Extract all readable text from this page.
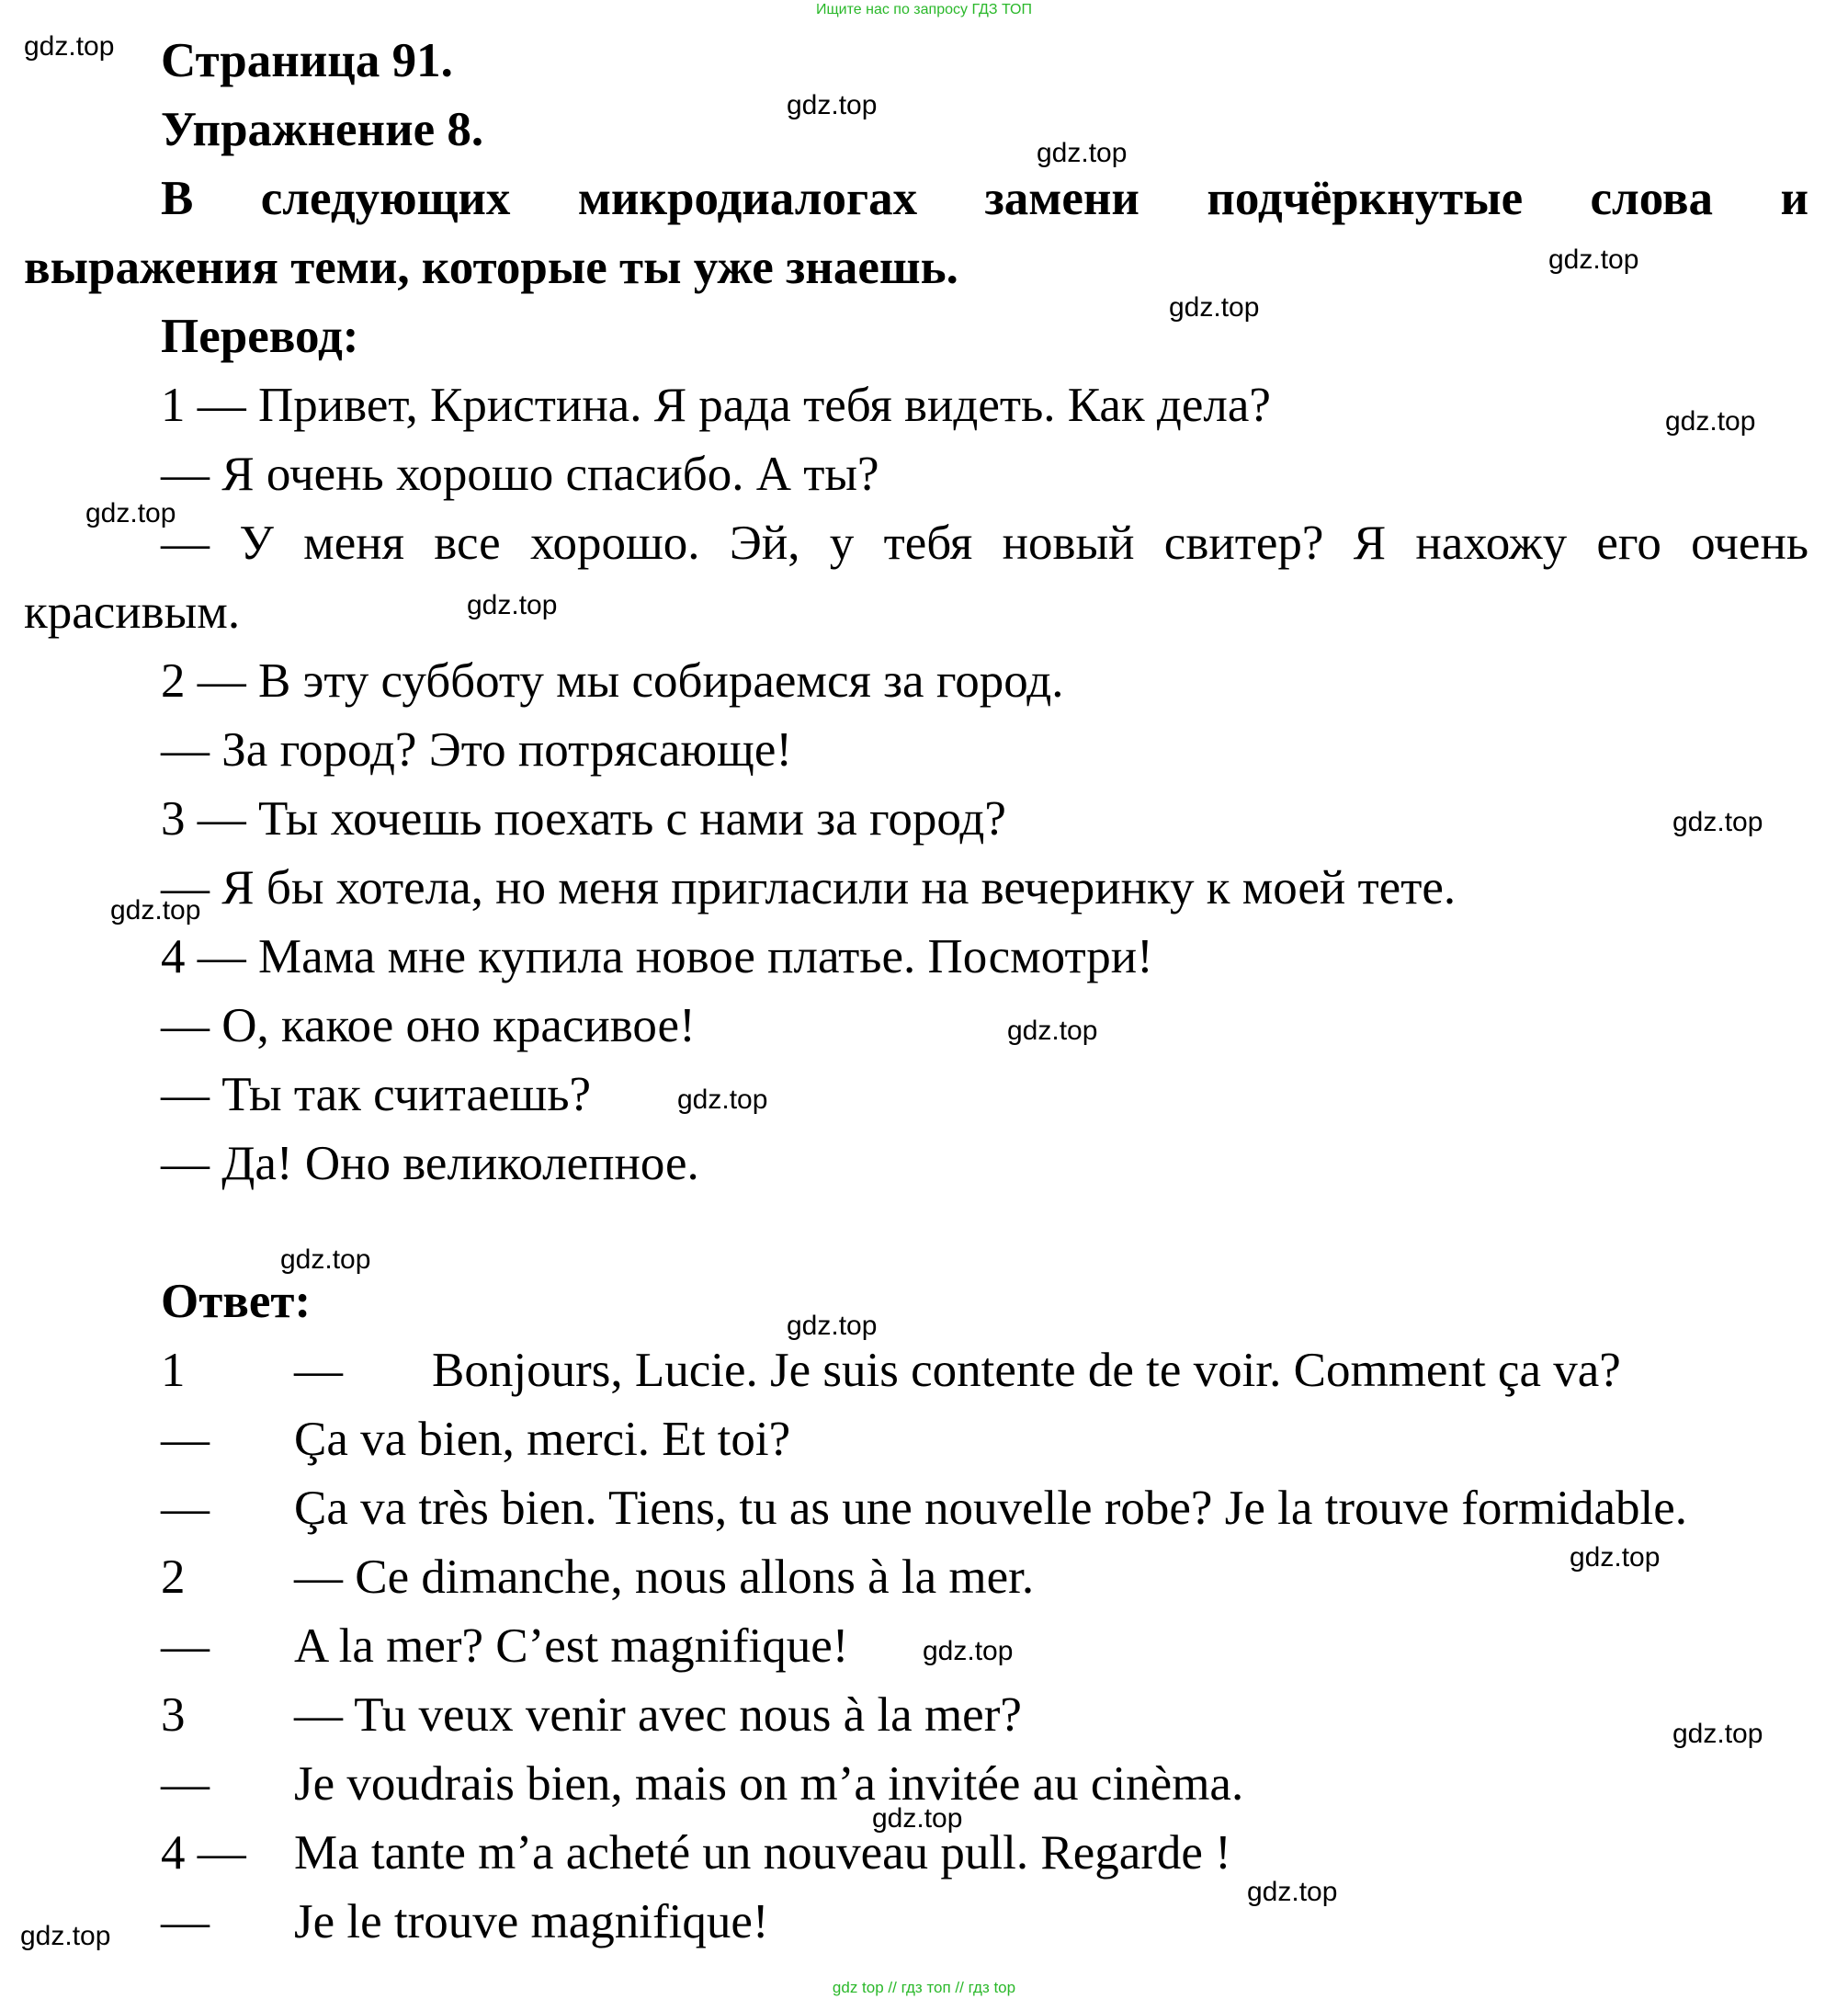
Ищите нас по запросу ГДЗ ТОП
Страница 91.
Упражнение 8.
В следующих микродиалогах замени подчёркнутые слова и
выражения теми, которые ты уже знаешь.
Перевод:
1 — Привет, Кристина. Я рада тебя видеть. Как дела?
— Я очень хорошо спасибо. А ты?
— У меня все хорошо. Эй, у тебя новый свитер? Я нахожу его очень
красивым.
2 — В эту субботу мы собираемся за город.
— За город? Это потрясающе!
3 — Ты хочешь поехать с нами за город?
— Я бы хотела, но меня пригласили на вечеринку к моей тете.
4 — Мама мне купила новое платье. Посмотри!
— О, какое оно красивое!
— Ты так считаешь?
— Да! Оно великолепное.
Ответ:
1 — Bonjours, Lucie. Je suis contente de te voir. Comment ça va?
— Ça va bien, merci. Et toi?
— Ça va très bien. Tiens, tu as une nouvelle robe? Je la trouve formidable.
2 — Ce dimanche, nous allons à la mer.
— A la mer? C’est magnifique!
3 — Tu veux venir avec nous à la mer?
— Je voudrais bien, mais on m’a invitée au cinèma.
4 — Ma tante m’a acheté un nouveau pull. Regarde !
— Je le trouve magnifique!
gdz.top
gdz.top
gdz.top
gdz.top
gdz.top
gdz.top
gdz.top
gdz.top
gdz.top
gdz.top
gdz.top
gdz.top
gdz.top
gdz.top
gdz.top
gdz.top
gdz.top
gdz.top
gdz.top
gdz.top
gdz top // гдз топ // гдз top
